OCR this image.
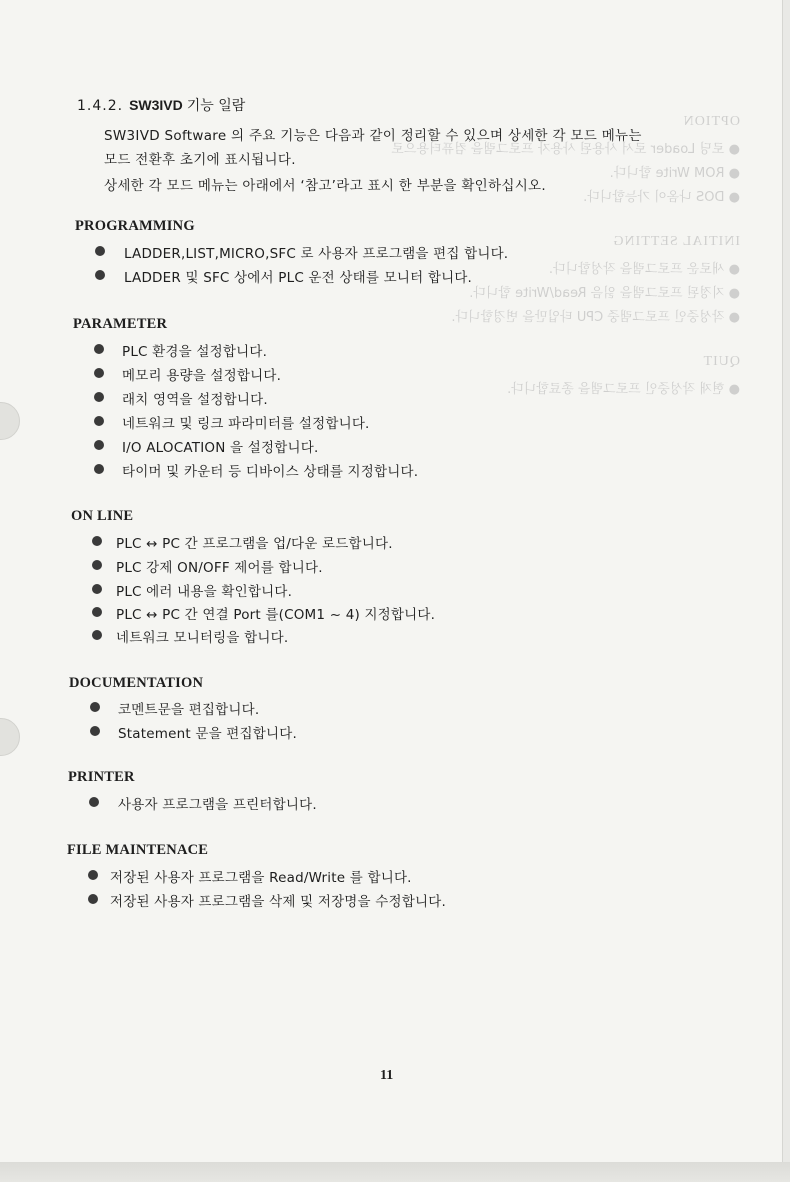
OPTION
● 로딩 Loader 로서 사용된 사용자 프로그램을 컴퓨터용으로
● ROM Write 합니다.
● DOS 나옴이 가능합니다.
INITIAL SETTING
● 새로운 프로그램을 작성합니다.
● 지정된 프로그램을 읽음 Read/Write 합니다.
● 작성중인 프로그램중 CPU 타입만을 변경합니다.
QUIT
● 현재 작성중인 프로그램을 종료합니다.
1.4.2. SW3IVD 기능 일람
SW3IVD Software 의 주요 기능은 다음과 같이 정리할 수 있으며 상세한 각 모드 메뉴는
모드 전환후 초기에 표시됩니다.
상세한 각 모드 메뉴는 아래에서 ‘참고’라고 표시 한 부분을 확인하십시오.
PROGRAMMING
LADDER,LIST,MICRO,SFC 로 사용자 프로그램을 편집 합니다.
LADDER 및 SFC 상에서 PLC 운전 상태를 모니터 합니다.
PARAMETER
PLC 환경을 설정합니다.
메모리 용량을 설정합니다.
래치 영역을 설정합니다.
네트워크 및 링크 파라미터를 설정합니다.
I/O ALOCATION 을 설정합니다.
타이머 및 카운터 등 디바이스 상태를 지정합니다.
ON LINE
PLC ↔ PC 간 프로그램을 업/다운 로드합니다.
PLC 강제 ON/OFF 제어를 합니다.
PLC 에러 내용을 확인합니다.
PLC ↔ PC 간 연결 Port 를(COM1 ~ 4) 지정합니다.
네트워크 모니터링을 합니다.
DOCUMENTATION
코멘트문을 편집합니다.
Statement 문을 편집합니다.
PRINTER
사용자 프로그램을 프린터합니다.
FILE MAINTENACE
저장된 사용자 프로그램을 Read/Write 를 합니다.
저장된 사용자 프로그램을 삭제 및 저장명을 수정합니다.
11
